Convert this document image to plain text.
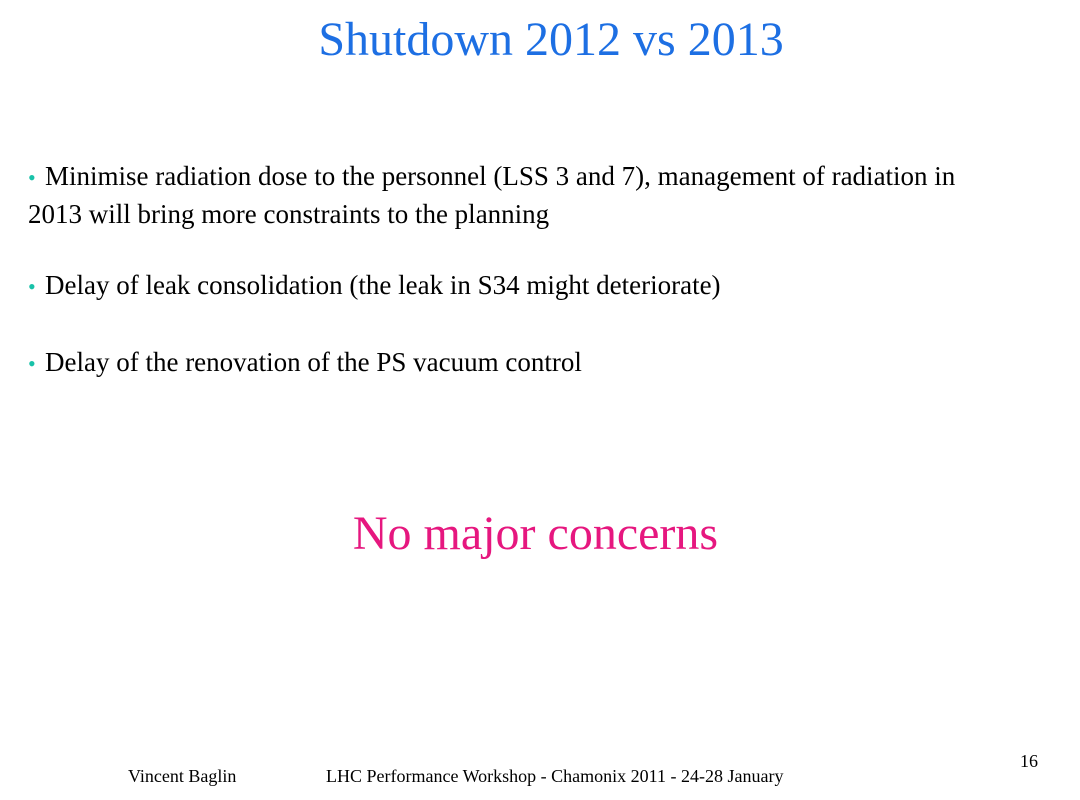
Shutdown 2012 vs 2013
• Minimise radiation dose to the personnel (LSS 3 and 7), management of radiation in 2013 will bring more constraints to the planning
• Delay of leak consolidation (the leak in S34 might deteriorate)
• Delay of the renovation of the PS vacuum control
No major concerns
16
Vincent Baglin	LHC Performance Workshop - Chamonix 2011 - 24-28 January
